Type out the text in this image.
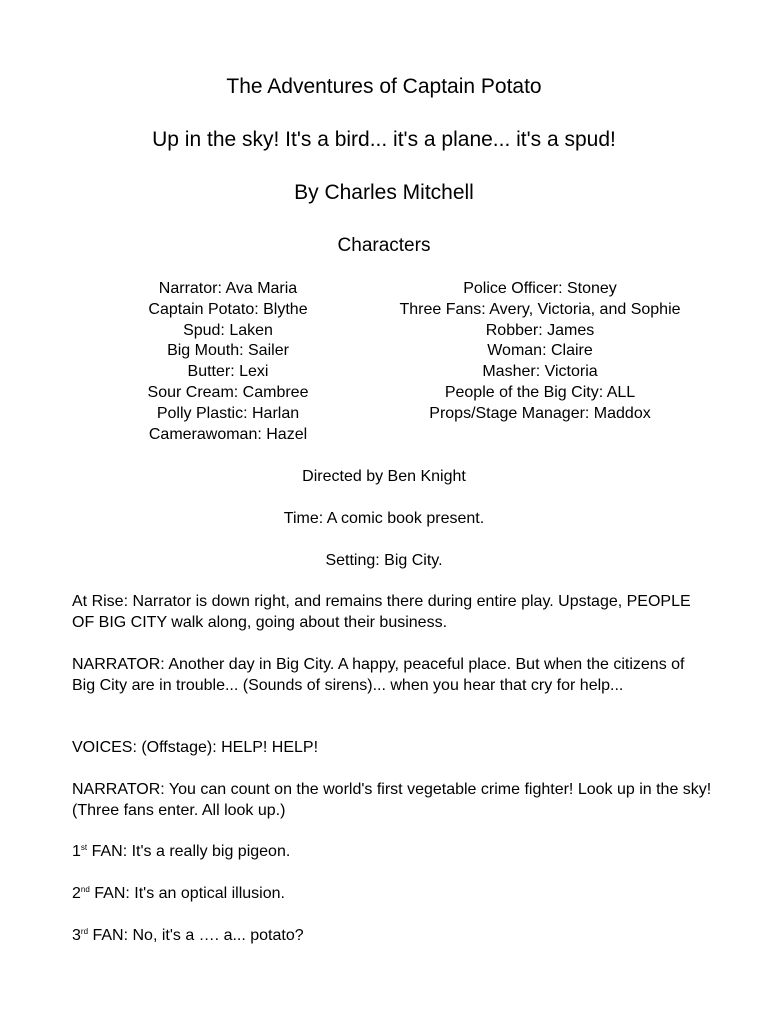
The Adventures of Captain Potato
Up in the sky! It's a bird... it's a plane... it's a spud!
By Charles Mitchell
Characters
Narrator: Ava Maria
Captain Potato: Blythe
Spud: Laken
Big Mouth: Sailer
Butter: Lexi
Sour Cream: Cambree
Polly Plastic: Harlan
Camerawoman: Hazel
Police Officer: Stoney
Three Fans: Avery, Victoria, and Sophie
Robber: James
Woman: Claire
Masher: Victoria
People of the Big City: ALL
Props/Stage Manager: Maddox
Directed by Ben Knight
Time: A comic book present.
Setting: Big City.

At Rise: Narrator is down right, and remains there during entire play. Upstage, PEOPLE OF BIG CITY walk along, going about their business.

NARRATOR: Another day in Big City. A happy, peaceful place. But when the citizens of Big City are in trouble... (Sounds of sirens)... when you hear that cry for help...

VOICES: (Offstage): HELP! HELP!

NARRATOR: You can count on the world's first vegetable crime fighter! Look up in the sky! (Three fans enter. All look up.)

1st FAN: It's a really big pigeon.

2nd FAN: It's an optical illusion.

3rd FAN: No, it's a …. a... potato?
